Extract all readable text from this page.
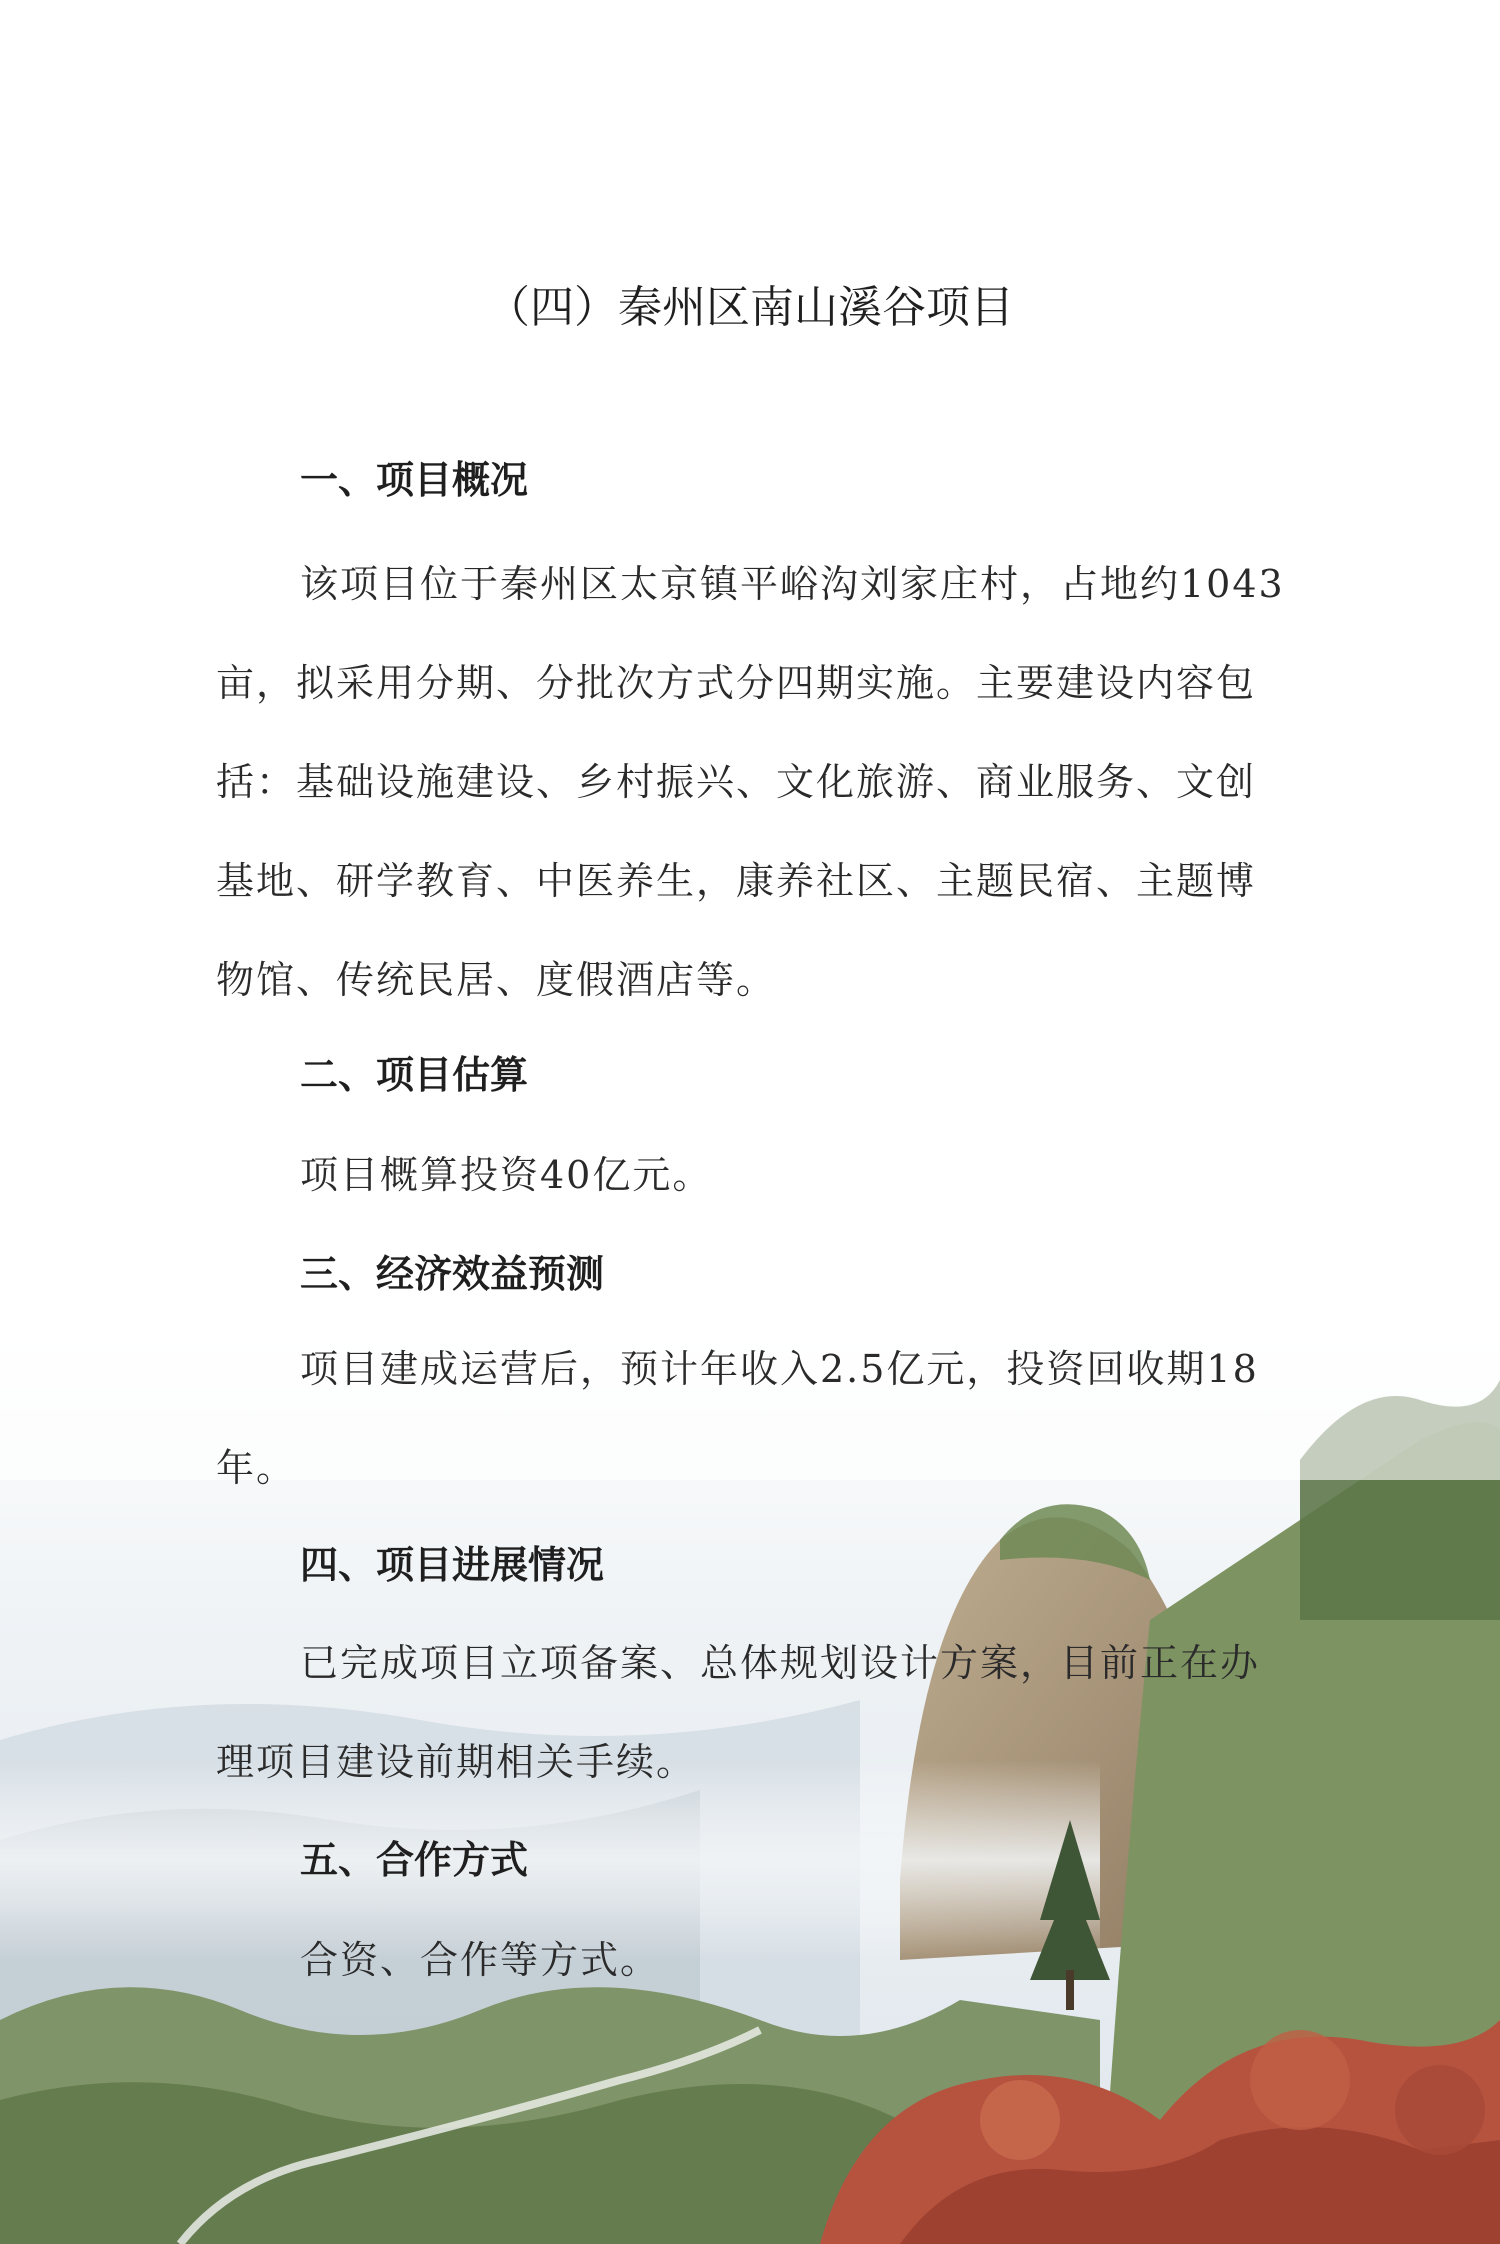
（四）秦州区南山溪谷项目
一、项目概况

该项目位于秦州区太京镇平峪沟刘家庄村，占地约1043亩，拟采用分期、分批次方式分四期实施。主要建设内容包括：基础设施建设、乡村振兴、文化旅游、商业服务、文创基地、研学教育、中医养生，康养社区、主题民宿、主题博物馆、传统民居、度假酒店等。

二、项目估算

项目概算投资40亿元。

三、经济效益预测

项目建成运营后，预计年收入2.5亿元，投资回收期18年。

四、项目进展情况

已完成项目立项备案、总体规划设计方案，目前正在办理项目建设前期相关手续。

五、合作方式

合资、合作等方式。
